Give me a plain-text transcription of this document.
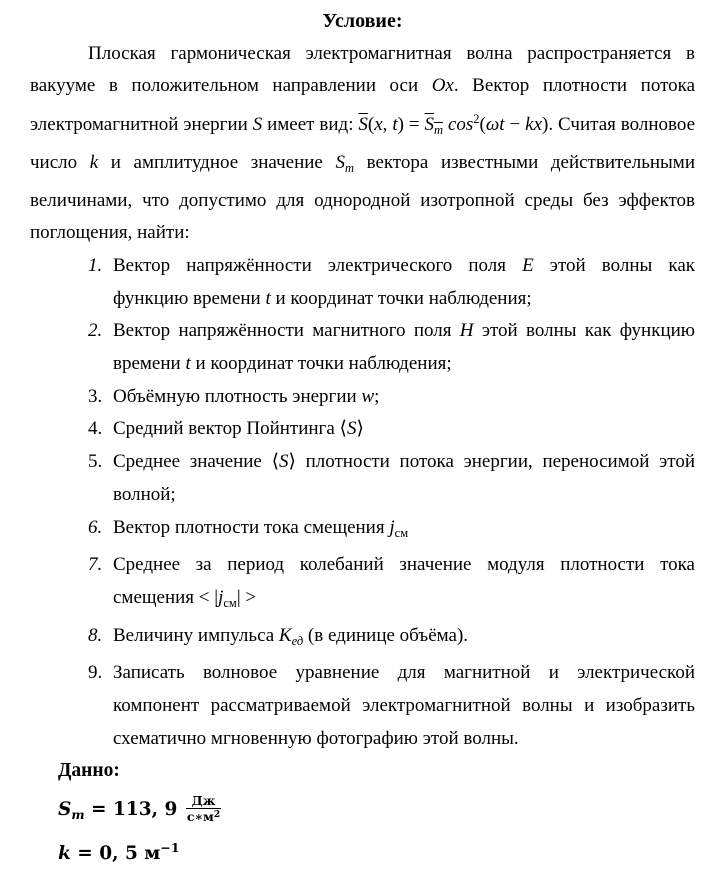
Условие:

Плоская гармоническая электромагнитная волна распространяется в вакууме в положительном направлении оси Ox. Вектор плотности потока электромагнитной энергии S имеет вид: $\overline{S}(x$, $t) = S_m$ $\cos^2(\omega t - kx)$. Считая волновое число k и амплитудное значение $S_m$ вектора известными действительными величинами, что допустимо для однородной изотропной среды без эффектов поглощения, найти:

1. Вектор напряжённости электрического поля E этой волны как функцию времени t и координат точки наблюдения;
2. Вектор напряжённости магнитного поля H этой волны как функцию времени t и координат точки наблюдения;
3. Объёмную плотность энергии w;
4. Средний вектор Пойнтинга ⟨S⟩
5. Среднее значение ⟨S⟩ плотности потока энергии, переносимой этой волной;
6. Вектор плотности тока смещения $j_{см}$
7. Среднее за период колебаний значение модуля плотности тока смещения < $|j_{см}|$ >
8. Величину импульса $K_{ед}$ (в единице объёма).
9. Записать волновое уравнение для магнитной и электрической компонент рассматриваемой электромагнитной волны и изобразить схематично мгновенную фотографию этой волны.
Данно:
$S_m = 113$, $9 \frac{Дж}{с∗м^2}$
k = 0, 5 $м^{-1}$
